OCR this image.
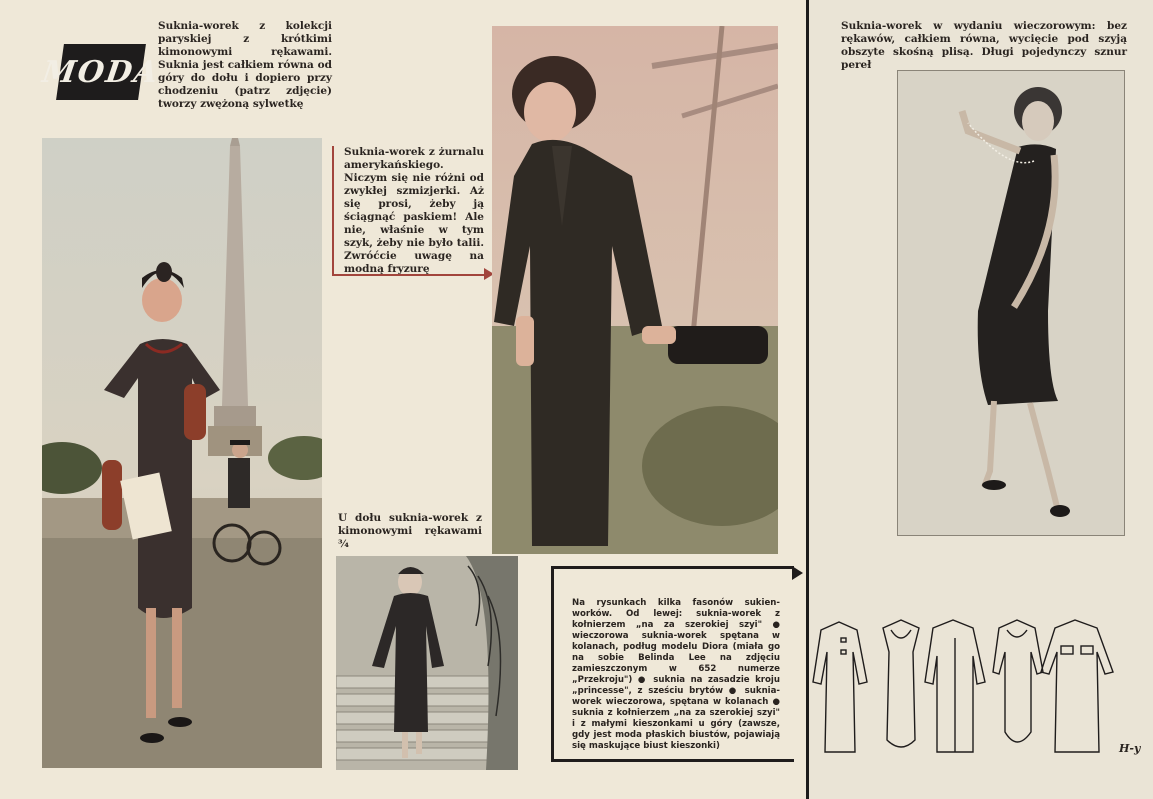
MODA
Suknia-worek z kolekcji paryskiej z krótkimi kimonowymi rękawami. Suknia jest całkiem równa od góry do dołu i dopiero przy chodzeniu (patrz zdjęcie) tworzy zwężoną sylwetkę
Suknia-worek z żurnalu amerykańskiego. Niczym się nie różni od zwykłej szmizjerki. Aż się prosi, żeby ją ściągnąć paskiem! Ale nie, właśnie w tym szyk, żeby nie było talii. Zwróćcie uwagę na modną fryzurę
U dołu suknia-worek z kimonowymi rękawami ¾
Na rysunkach kilka fasonów sukien-worków. Od lewej: suknia-worek z kołnierzem „na za szerokiej szyi" ● wieczorowa suknia-worek spętana w kolanach, podług modelu Diora (miała go na sobie Belinda Lee na zdjęciu zamieszczonym w 652 numerze „Przekroju") ● suknia na zasadzie kroju „princesse", z sześciu brytów ● suknia-worek wieczorowa, spętana w kolanach ● suknia z kołnierzem „na za szerokiej szyi" i z małymi kieszonkami u góry (zawsze, gdy jest moda płaskich biustów, pojawiają się maskujące biust kieszonki)
Suknia-worek w wydaniu wieczorowym: bez rękawów, całkiem równa, wycięcie pod szyją obszyte skośną plisą. Długi pojedynczy sznur pereł
H-y
